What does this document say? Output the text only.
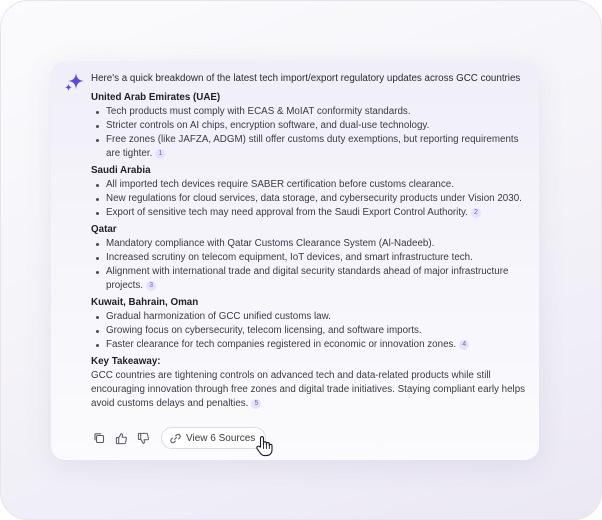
Here's a quick breakdown of the latest tech import/export regulatory updates across GCC countries
United Arab Emirates (UAE)
Tech products must comply with ECAS & MoIAT conformity standards.
Stricter controls on AI chips, encryption software, and dual-use technology.
Free zones (like JAFZA, ADGM) still offer customs duty exemptions, but reporting requirements are tighter. 1
Saudi Arabia
All imported tech devices require SABER certification before customs clearance.
New regulations for cloud services, data storage, and cybersecurity products under Vision 2030.
Export of sensitive tech may need approval from the Saudi Export Control Authority. 2
Qatar
Mandatory compliance with Qatar Customs Clearance System (Al-Nadeeb).
Increased scrutiny on telecom equipment, IoT devices, and smart infrastructure tech.
Alignment with international trade and digital security standards ahead of major infrastructure projects. 3
Kuwait, Bahrain, Oman
Gradual harmonization of GCC unified customs law.
Growing focus on cybersecurity, telecom licensing, and software imports.
Faster clearance for tech companies registered in economic or innovation zones. 4
Key Takeaway:
GCC countries are tightening controls on advanced tech and data-related products while still encouraging innovation through free zones and digital trade initiatives. Staying compliant early helps avoid customs delays and penalties. 5
View 6 Sources
